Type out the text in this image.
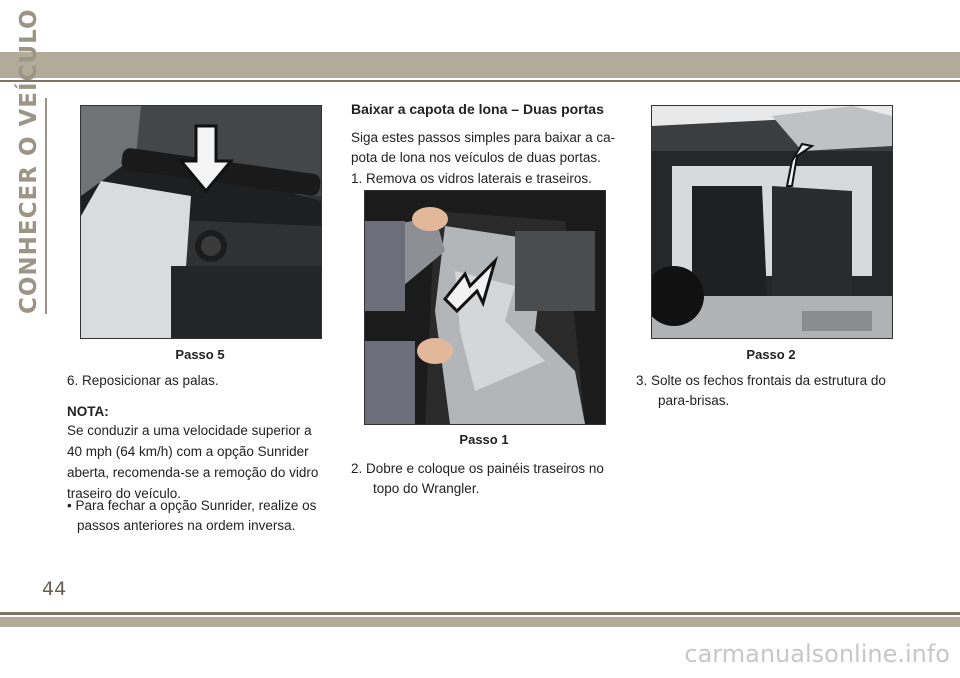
CONHECER O VEÍCULO
Passo 5
6. Reposicionar as palas.
NOTA:

Se conduzir a uma velocidade superior a

40 mph (64 km/h) com a opção Sunrider

aberta, recomenda-se a remoção do vidro

traseiro do veículo.

• Para fechar a opção Sunrider, realize os

passos anteriores na ordem inversa.

Baixar a capota de lona – Duas portas

Siga estes passos simples para baixar a ca-

pota de lona nos veículos de duas portas.

1. Remova os vidros laterais e traseiros.
Passo 1

2. Dobre e coloque os painéis traseiros no

topo do Wrangler.

Passo 2

3. Solte os fechos frontais da estrutura do

para-brisas.

44
carmanualsonline.info
